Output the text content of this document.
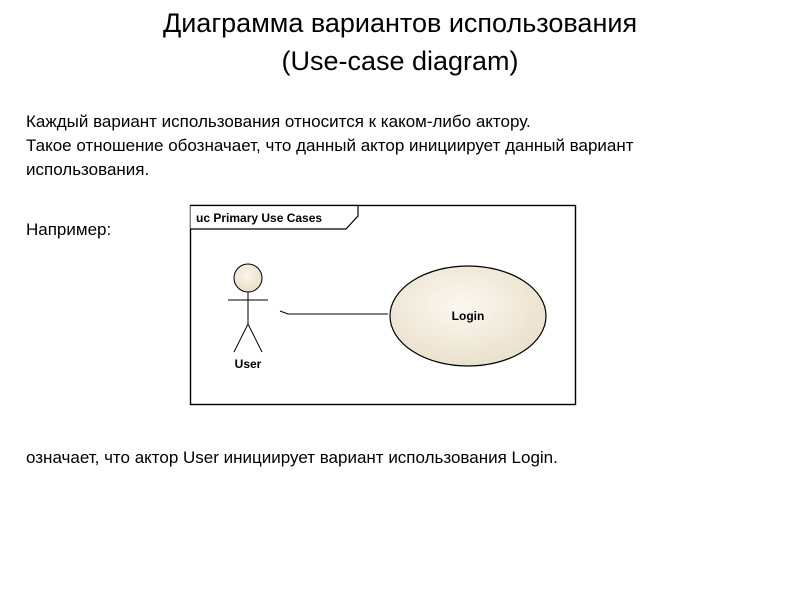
Диаграмма вариантов использования
(Use-case diagram)
Каждый вариант использования относится к каком-либо актору.
Такое отношение обозначает, что данный актор инициирует данный вариант
использования.
Например:
uc Primary Use Cases
User
Login
означает, что актор User инициирует вариант использования Login.
